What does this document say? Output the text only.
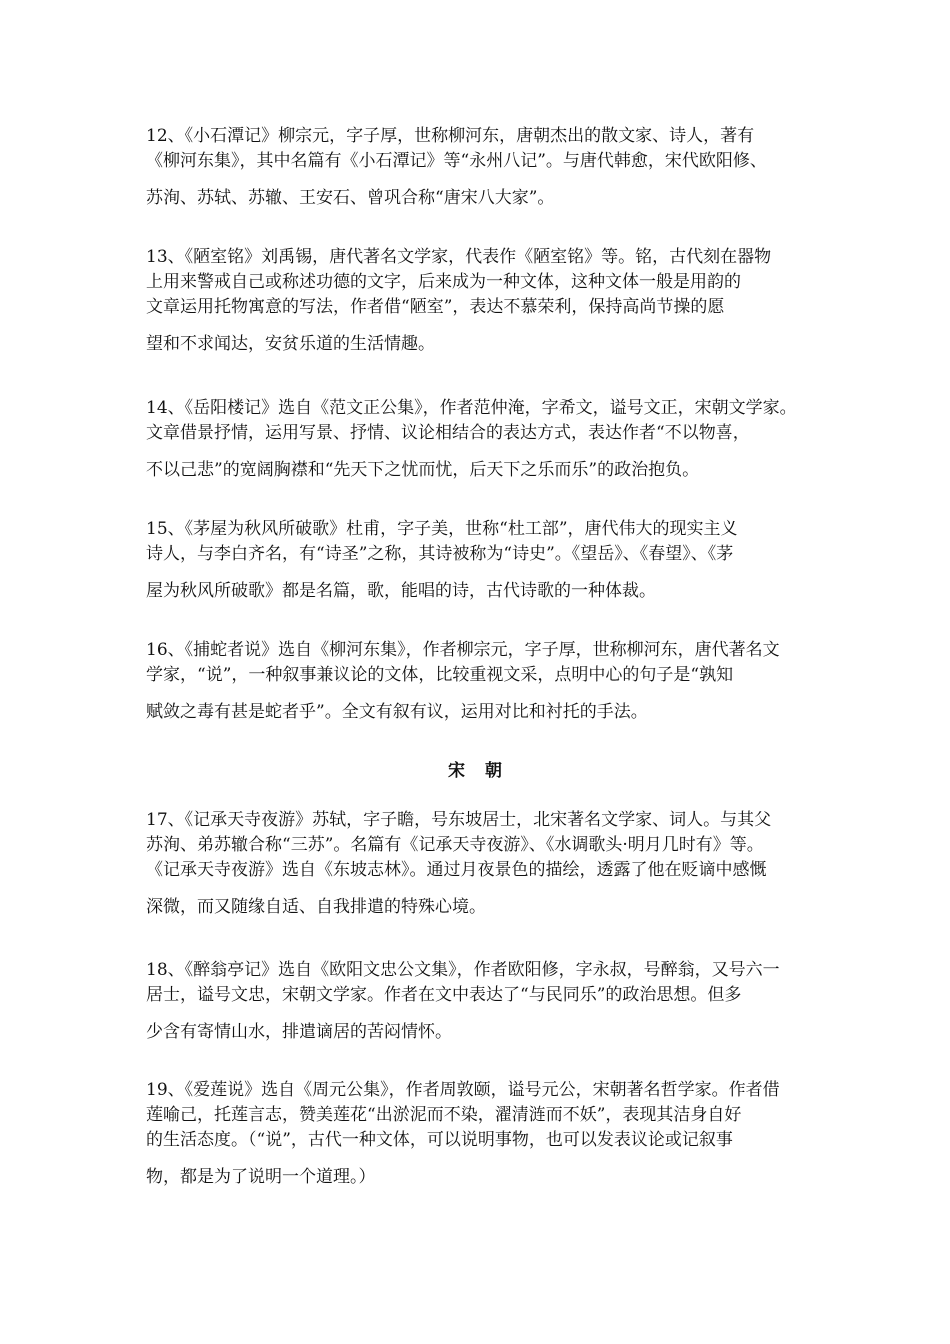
12、《小石潭记》柳宗元，字子厚，世称柳河东，唐朝杰出的散文家、诗人，著有
《柳河东集》，其中名篇有《小石潭记》等“永州八记”。与唐代韩愈，宋代欧阳修、
苏洵、苏轼、苏辙、王安石、曾巩合称“唐宋八大家”。
13、《陋室铭》刘禹锡，唐代著名文学家，代表作《陋室铭》等。铭，古代刻在器物
上用来警戒自己或称述功德的文字，后来成为一种文体，这种文体一般是用韵的
文章运用托物寓意的写法，作者借“陋室”，表达不慕荣利，保持高尚节操的愿
望和不求闻达，安贫乐道的生活情趣。
14、《岳阳楼记》选自《范文正公集》，作者范仲淹，字希文，谥号文正，宋朝文学家。
文章借景抒情，运用写景、抒情、议论相结合的表达方式，表达作者“不以物喜，
不以己悲”的宽阔胸襟和“先天下之忧而忧，后天下之乐而乐”的政治抱负。
15、《茅屋为秋风所破歌》杜甫，字子美，世称“杜工部”，唐代伟大的现实主义
诗人，与李白齐名，有“诗圣”之称，其诗被称为“诗史”。《望岳》、《春望》、《茅
屋为秋风所破歌》都是名篇，歌，能唱的诗，古代诗歌的一种体裁。
16、《捕蛇者说》选自《柳河东集》，作者柳宗元，字子厚，世称柳河东，唐代著名文
学家，“说”，一种叙事兼议论的文体，比较重视文采，点明中心的句子是“孰知
赋敛之毒有甚是蛇者乎”。全文有叙有议，运用对比和衬托的手法。
宋 朝
17、《记承天寺夜游》苏轼，字子瞻，号东坡居士，北宋著名文学家、词人。与其父
苏洵、弟苏辙合称“三苏”。名篇有《记承天寺夜游》、《水调歌头·明月几时有》等。
《记承天寺夜游》选自《东坡志林》。通过月夜景色的描绘，透露了他在贬谪中感慨
深微，而又随缘自适、自我排遣的特殊心境。
18、《醉翁亭记》选自《欧阳文忠公文集》，作者欧阳修，字永叔，号醉翁，又号六一
居士，谥号文忠，宋朝文学家。作者在文中表达了“与民同乐”的政治思想。但多
少含有寄情山水，排遣谪居的苦闷情怀。
19、《爱莲说》选自《周元公集》，作者周敦颐，谥号元公，宋朝著名哲学家。作者借
莲喻己，托莲言志，赞美莲花“出淤泥而不染，濯清涟而不妖”，表现其洁身自好
的生活态度。（“说”，古代一种文体，可以说明事物，也可以发表议论或记叙事
物，都是为了说明一个道理。）
